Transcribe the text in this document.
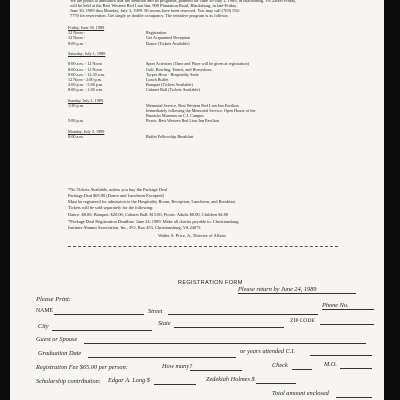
We are proud to announce that the Reunion and its programs, planned for June 30-July 2, 1989, in Blacksburg, VA 24060 Friday,
will be held at the Best Western Red Lion Inn, 900 Plantation Road, Blacksburg, in late-Friday.
June 30, 1989 thru Monday, July 3, 1989. 50 rooms have been reserved. You may call (703) 552-
7770 for reservation. Get single or double occupancy. The tentative program is as follows:
Friday, June 30, 1989
12 Noon -	Registration
12 Noon -	Get Acquainted Reception
8:00 p.m. -	Dance (Tickets Available)
Saturday, July 1, 1989
8:00 a.m. - 12 Noon	Sport Activities (Time and Place will be given at registration)
8:00 a.m. - 12 Noon	Golf, Bowling, Tennis, and Horseshoes
9:00 a.m. - 12:30 a.m.	Tyrpes Hour - Hospitality Suite
12 Noon - 2:00 p.m.	Lunch Buffet
2:00 p.m. - 5:00 p.m.	Banquet (Tickets Available)
8:00 p.m. - 1:00 a.m.	Cabaret Ball (Tickets Available)
Sunday, July 2, 1989
1:30 p.m.	Memorial Service, Best Western Red Lion Inn Pavilion
Immediately following the Memorial Service, Open House of the
Barracks Museum on C.I. Campus
5:00 p.m.	Picnic, Best Western Red Lion Inn Pavilion
Monday, July 3, 1989
8:00 a.m.	Buffet Fellowship Breakfast
*No Tickets Available, unless you buy the Package Deal
Package Deal $65.00 (Dance and Luncheon Excepted)
Must be registered for admission to the Hospitality Room, Reception, Luncheon, and Breakfast
Tickets will be sold separately for the following:
Dance: $8.00; Banquet: $20.00; Cabaret Ball: $15.00; Picnic: Adults $8.00, Children $4.00
*Package Deal Registration Deadline: June 24, 1989. Make all checks payable to: Christiansburg
Institute Alumni Association, Inc., P.O. Box 453, Christiansburg, VA 24073
Walter A. Price, Jr., Director of Affairs
REGISTRATION FORM
Please return by June 24, 1989
Please Print:
NAME	Street
Phone No.
City	State	ZIP CODE
Guest or Spouse
Graduation Date	or years attended C.I.
Registration Fee $65.00 per person:	How many?	Check	M.O.
Scholarship contribution: Edgar A. Long $	Zedekiah Holmes $
Total amount enclosed
